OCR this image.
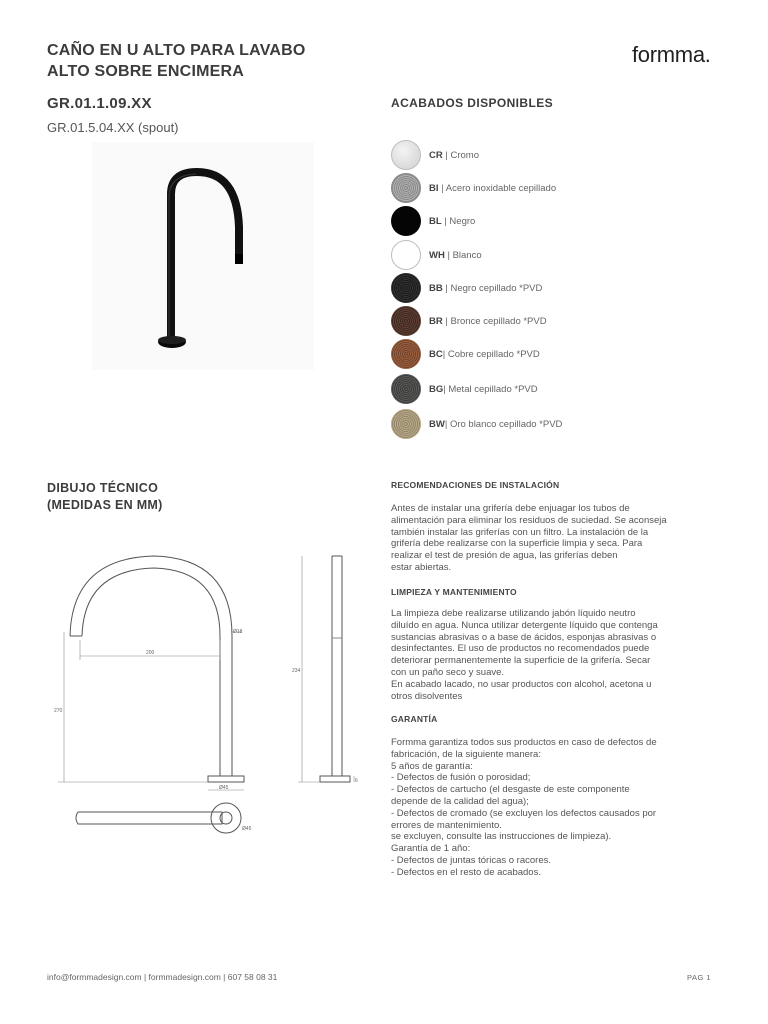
CAÑO EN U ALTO PARA LAVABO
ALTO SOBRE ENCIMERA
formma.
GR.01.1.09.XX
GR.01.5.04.XX (spout)
ACABADOS DISPONIBLES
CR | Cromo
BI | Acero inoxidable cepillado
BL | Negro
WH | Blanco
BB | Negro cepillado *PVD
BR | Bronce cepillado *PVD
BC| Cobre cepillado *PVD
BG| Metal cepillado *PVD
BW| Oro blanco cepillado *PVD
DIBUJO TÉCNICO
(MEDIDAS EN MM)
Ø18
200
270
Ø45
234
6
Ø45
RECOMENDACIONES DE INSTALACIÓN
Antes de instalar una grifería debe enjuagar los tubos de
alimentación para eliminar los residuos de suciedad. Se aconseja
también instalar las griferías con un filtro. La instalación de la
grifería debe realizarse con la superficie limpia y seca. Para
realizar el test de presión de agua, las griferías deben
estar abiertas.
LIMPIEZA Y MANTENIMIENTO
La limpieza debe realizarse utilizando jabón líquido neutro
diluído en agua. Nunca utilizar detergente líquido que contenga
sustancias abrasivas o a base de ácidos, esponjas abrasivas o
desinfectantes. El uso de productos no recomendados puede
deteriorar permanentemente la superficie de la grifería. Secar
con un paño seco y suave.
En acabado lacado, no usar productos con alcohol, acetona u
otros disolventes
GARANTÍA
Formma garantiza todos sus productos en caso de defectos de
fabricación, de la siguiente manera:
5 años de garantía:
- Defectos de fusión o porosidad;
- Defectos de cartucho (el desgaste de este componente
depende de la calidad del agua);
- Defectos de cromado (se excluyen los defectos causados por
errores de mantenimiento.
se excluyen, consulte las instrucciones de limpieza).
Garantía de 1 año:
- Defectos de juntas tóricas o racores.
- Defectos en el resto de acabados.
info@formmadesign.com | formmadesign.com | 607 58 08 31	PAG 1
